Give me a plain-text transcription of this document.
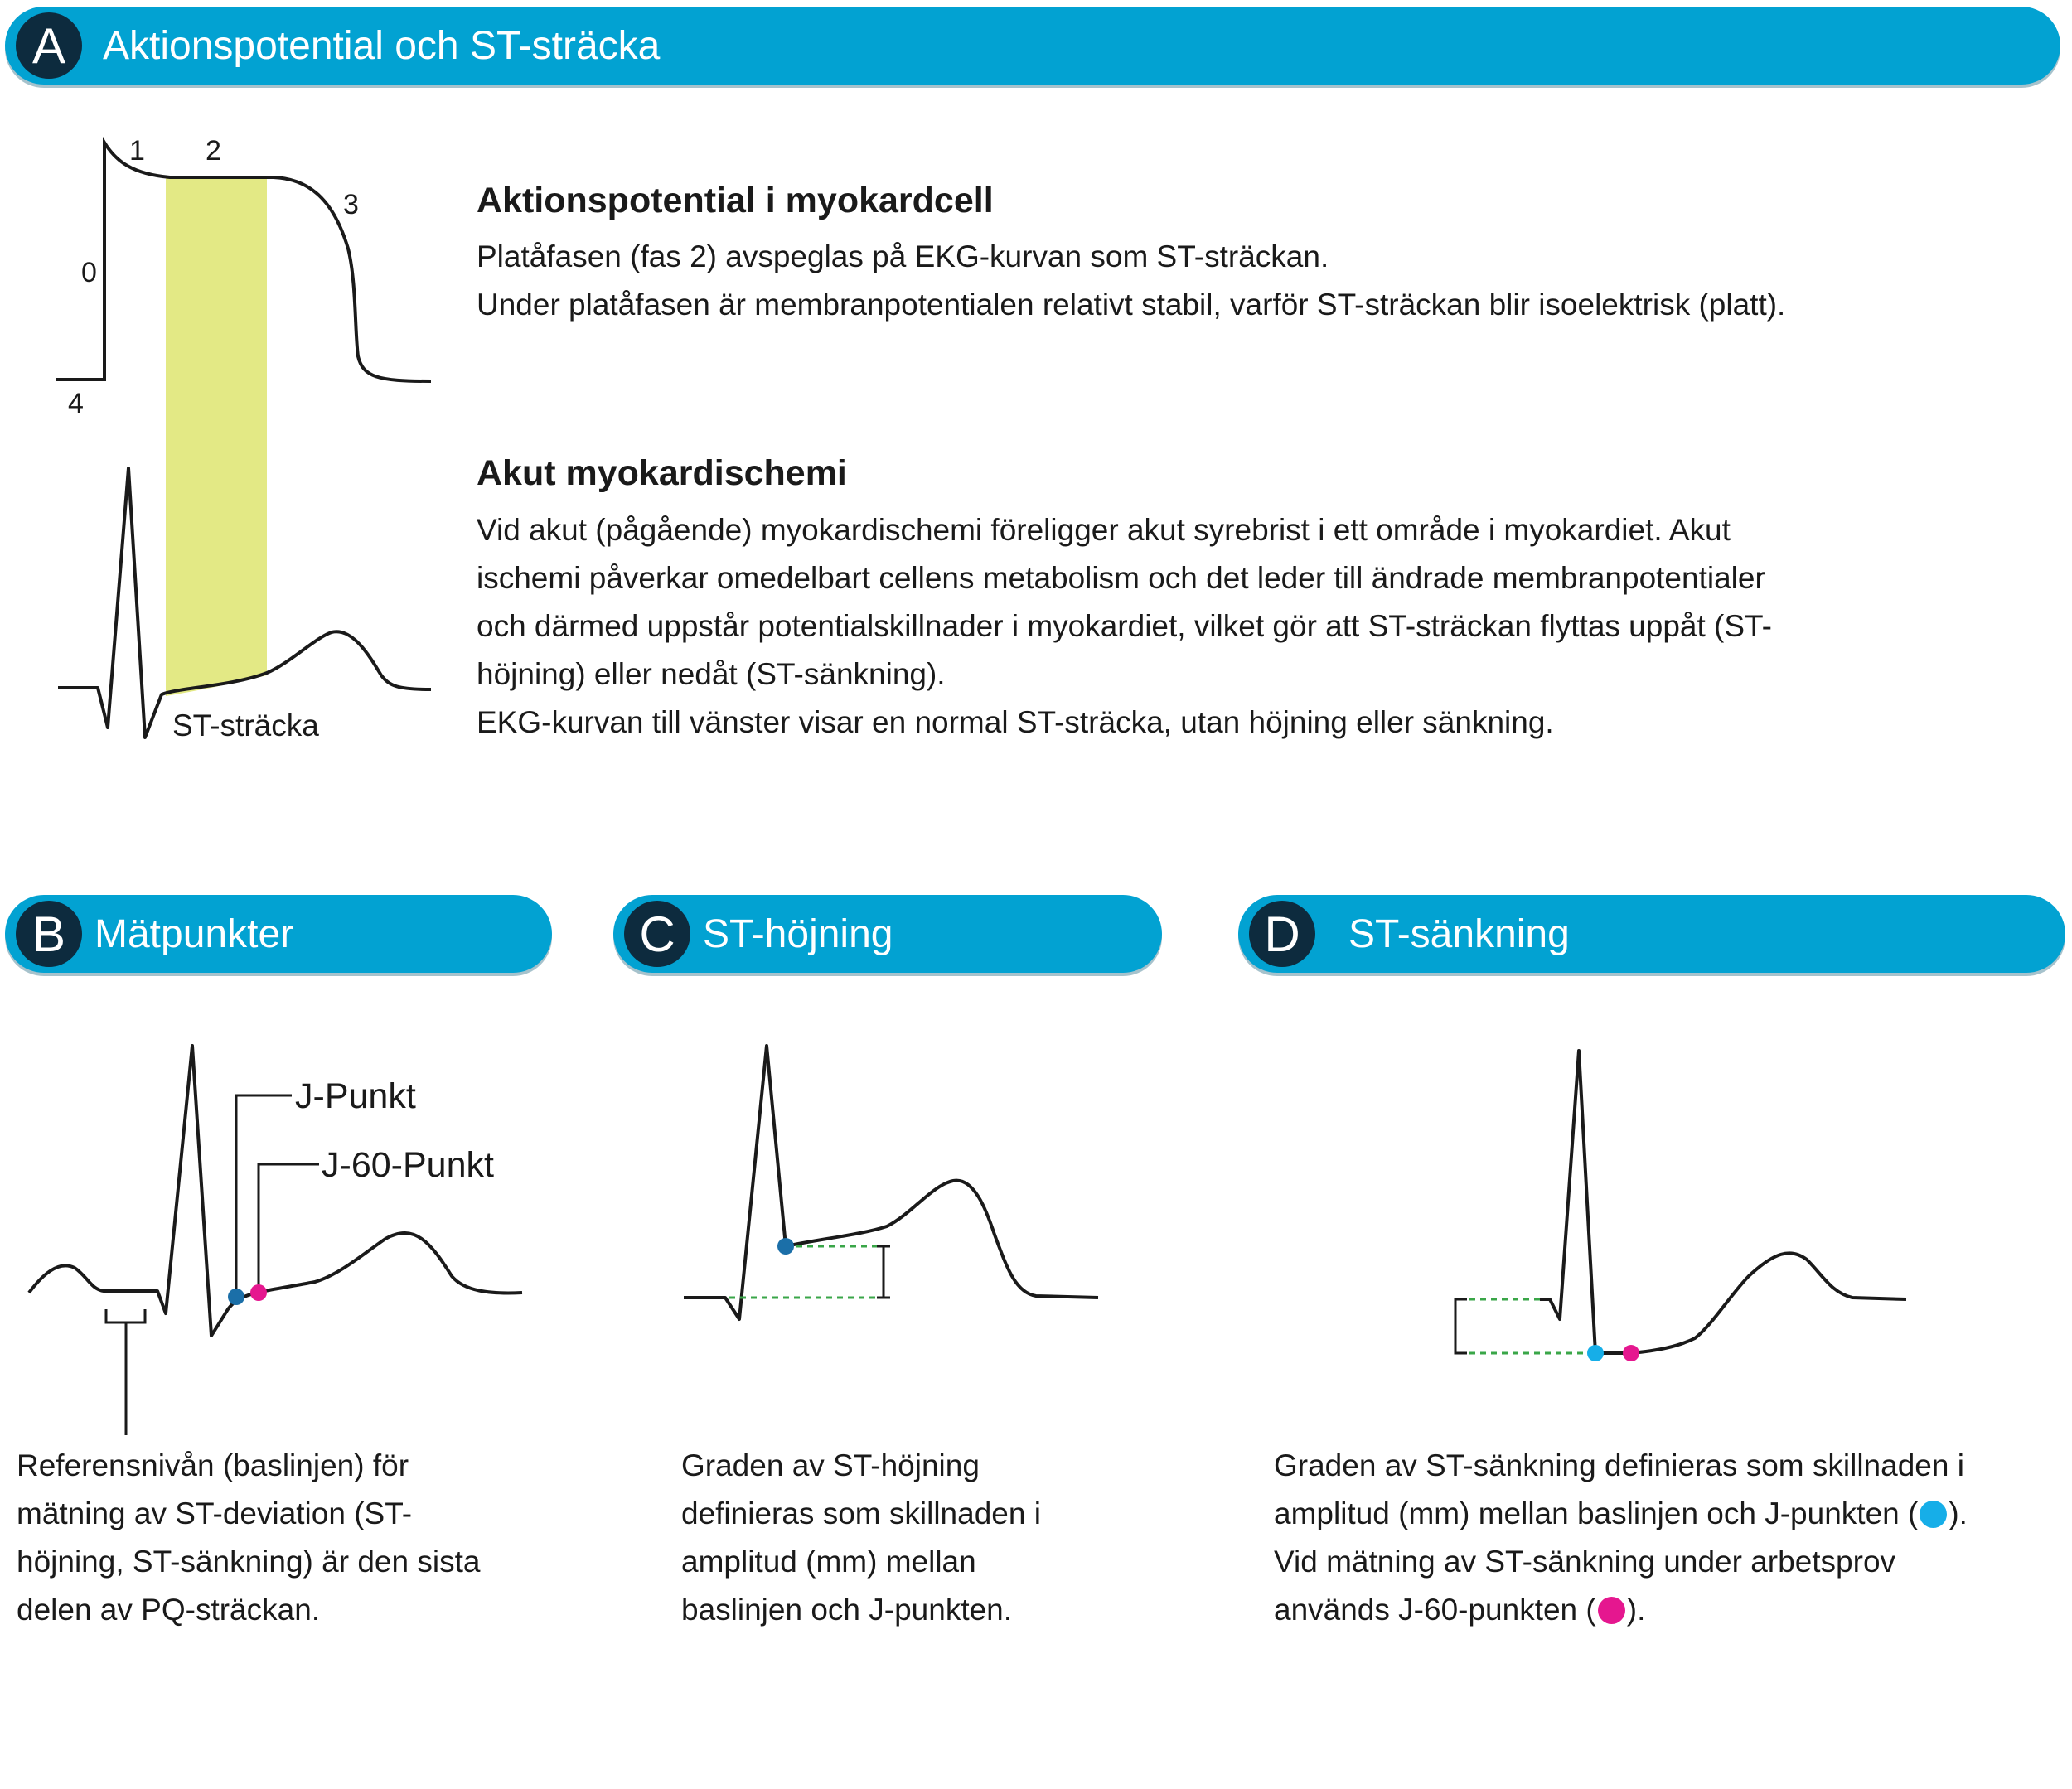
A Aktionspotential och ST-sträcka
B Mätpunkter	C ST-höjning	D	ST-sänkning
0
1 2
3
4
ST-sträcka
J-Punkt
J-60-Punkt
Aktionspotential i myokardcell
Platåfasen (fas 2) avspeglas på EKG-kurvan som ST-sträckan.
Under platåfasen är membranpotentialen relativt stabil, varför ST-sträckan blir isoelektrisk (platt).
Akut myokardischemi
Vid akut (pågående) myokardischemi föreligger akut syrebrist i ett område i myokardiet. Akut
ischemi påverkar omedelbart cellens metabolism och det leder till ändrade membranpotentialer
och därmed uppstår potentialskillnader i myokardiet, vilket gör att ST-sträckan flyttas uppåt (ST-
höjning) eller nedåt (ST-sänkning).
EKG-kurvan till vänster visar en normal ST-sträcka, utan höjning eller sänkning.
Referensnivån (baslinjen) för
mätning av ST-deviation (ST-
höjning, ST-sänkning) är den sista
delen av PQ-sträckan.
Graden av ST-höjning
definieras som skillnaden i
amplitud (mm) mellan
baslinjen och J-punkten.
Graden av ST-sänkning definieras som skillnaden i
amplitud (mm) mellan baslinjen och J-punkten ( ).
Vid mätning av ST-sänkning under arbetsprov
används J-60-punkten ( ).
